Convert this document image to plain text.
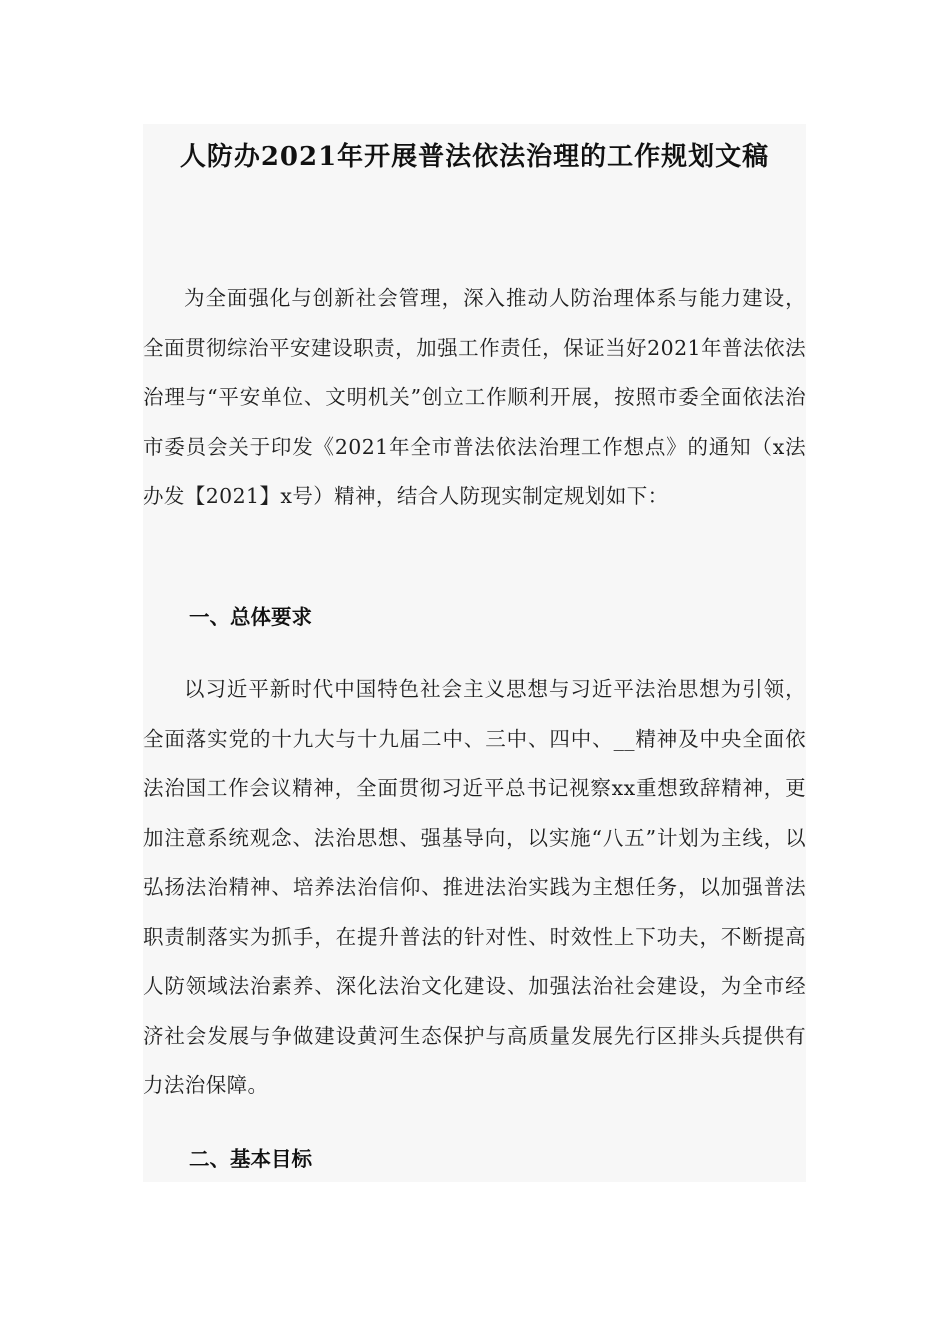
人防办2021年开展普法依法治理的工作规划文稿

为全面强化与创新社会管理，深入推动人防治理体系与能力建设，全面贯彻综治平安建设职责，加强工作责任，保证当好2021年普法依法治理与“平安单位、文明机关”创立工作顺利开展，按照市委全面依法治市委员会关于印发《2021年全市普法依法治理工作想点》的通知（x法办发【2021】x号）精神，结合人防现实制定规划如下：

一、总体要求

以习近平新时代中国特色社会主义思想与习近平法治思想为引领，全面落实党的十九大与十九届二中、三中、四中、__精神及中央全面依法治国工作会议精神，全面贯彻习近平总书记视察xx重想致辞精神，更加注意系统观念、法治思想、强基导向，以实施“八五”计划为主线，以弘扬法治精神、培养法治信仰、推进法治实践为主想任务，以加强普法职责制落实为抓手，在提升普法的针对性、时效性上下功夫，不断提高人防领域法治素养、深化法治文化建设、加强法治社会建设，为全市经济社会发展与争做建设黄河生态保护与高质量发展先行区排头兵提供有力法治保障。

二、基本目标
